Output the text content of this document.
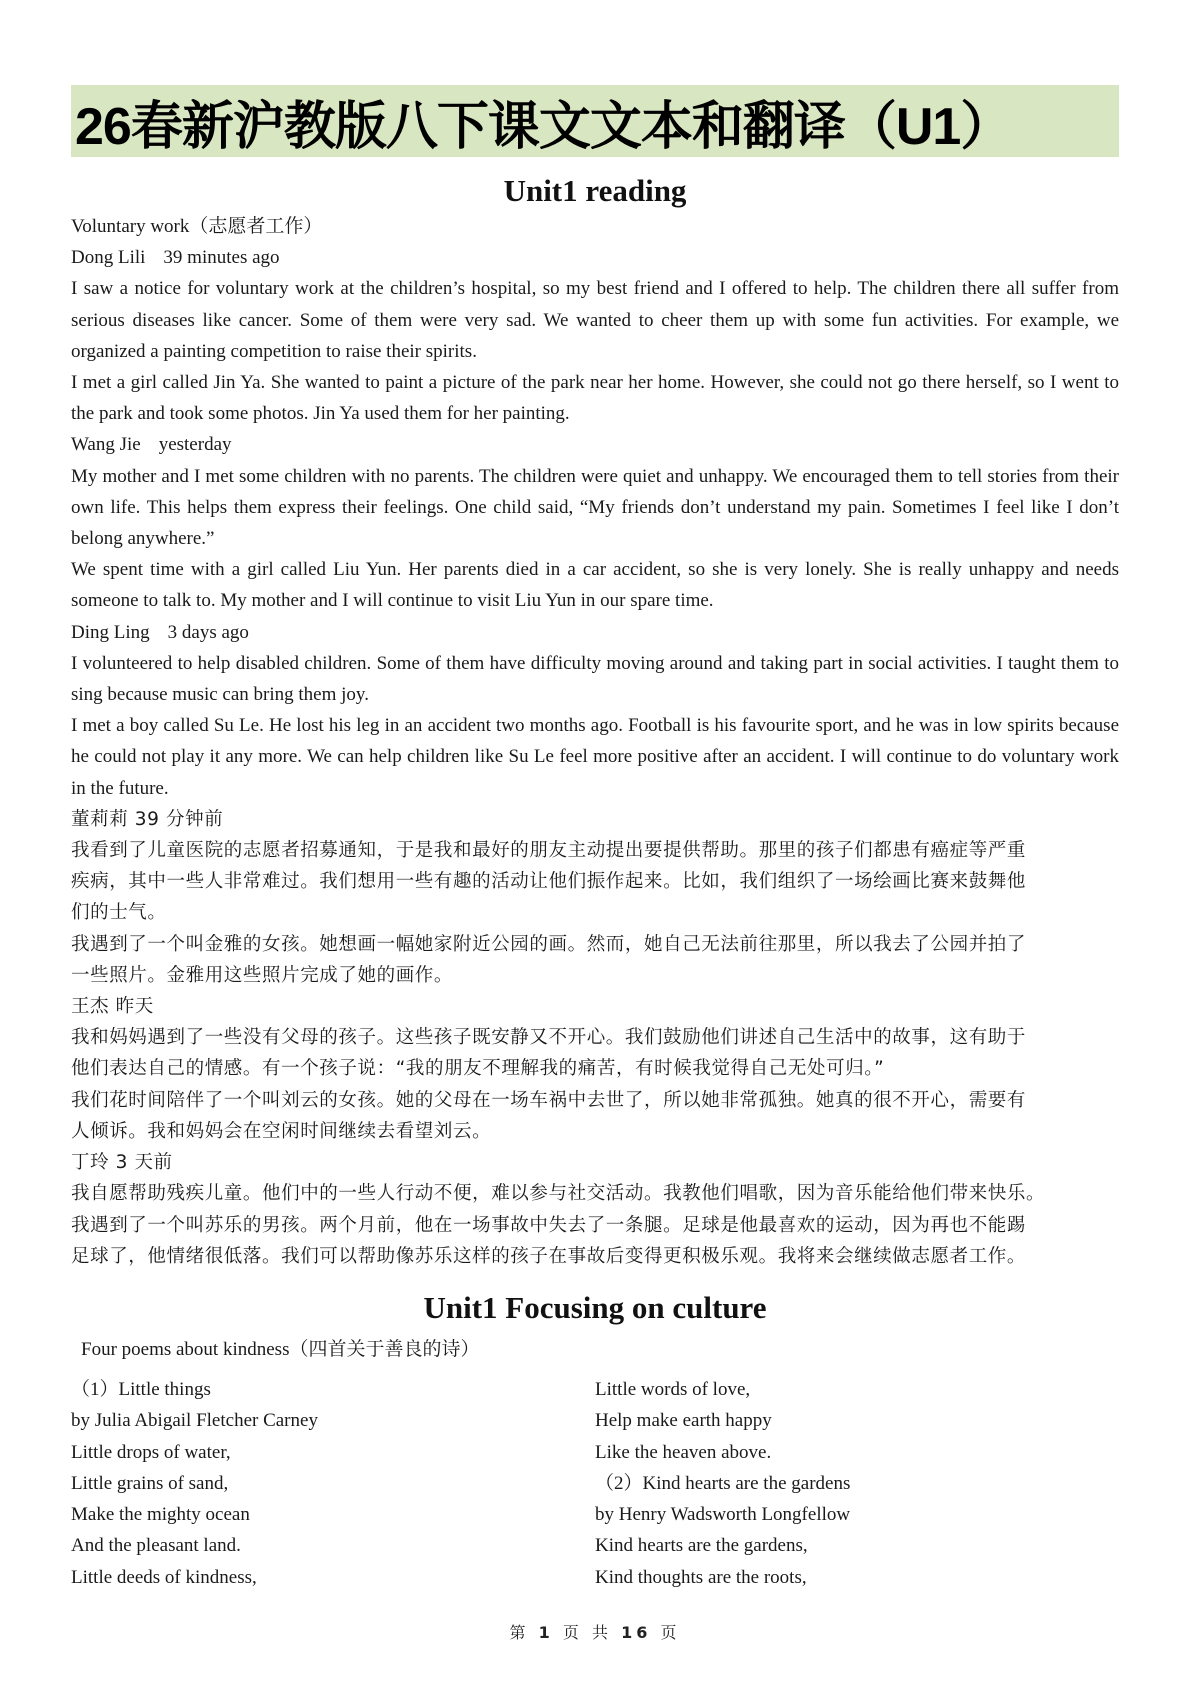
26春新沪教版八下课文文本和翻译（U1）
Unit1 reading
Voluntary work（志愿者工作）
Dong Lili 39 minutes ago
I saw a notice for voluntary work at the children’s hospital, so my best friend and I offered to help. The children there all suffer from serious diseases like cancer. Some of them were very sad. We wanted to cheer them up with some fun activities. For example, we organized a painting competition to raise their spirits.
I met a girl called Jin Ya. She wanted to paint a picture of the park near her home. However, she could not go there herself, so I went to the park and took some photos. Jin Ya used them for her painting.
Wang Jie yesterday
My mother and I met some children with no parents. The children were quiet and unhappy. We encouraged them to tell stories from their own life. This helps them express their feelings. One child said, “My friends don’t understand my pain. Sometimes I feel like I don’t belong anywhere.”
We spent time with a girl called Liu Yun. Her parents died in a car accident, so she is very lonely. She is really unhappy and needs someone to talk to. My mother and I will continue to visit Liu Yun in our spare time.
Ding Ling 3 days ago
I volunteered to help disabled children. Some of them have difficulty moving around and taking part in social activities. I taught them to sing because music can bring them joy.
I met a boy called Su Le. He lost his leg in an accident two months ago. Football is his favourite sport, and he was in low spirits because he could not play it any more. We can help children like Su Le feel more positive after an accident. I will continue to do voluntary work in the future.
董莉莉 39 分钟前
我看到了儿童医院的志愿者招募通知，于是我和最好的朋友主动提出要提供帮助。那里的孩子们都患有癌症等严重
疾病，其中一些人非常难过。我们想用一些有趣的活动让他们振作起来。比如，我们组织了一场绘画比赛来鼓舞他
们的士气。
我遇到了一个叫金雅的女孩。她想画一幅她家附近公园的画。然而，她自己无法前往那里，所以我去了公园并拍了
一些照片。金雅用这些照片完成了她的画作。
王杰 昨天
我和妈妈遇到了一些没有父母的孩子。这些孩子既安静又不开心。我们鼓励他们讲述自己生活中的故事，这有助于
他们表达自己的情感。有一个孩子说：“我的朋友不理解我的痛苦，有时候我觉得自己无处可归。”
我们花时间陪伴了一个叫刘云的女孩。她的父母在一场车祸中去世了，所以她非常孤独。她真的很不开心，需要有
人倾诉。我和妈妈会在空闲时间继续去看望刘云。
丁玲 3 天前
我自愿帮助残疾儿童。他们中的一些人行动不便，难以参与社交活动。我教他们唱歌，因为音乐能给他们带来快乐。
我遇到了一个叫苏乐的男孩。两个月前，他在一场事故中失去了一条腿。足球是他最喜欢的运动，因为再也不能踢
足球了，他情绪很低落。我们可以帮助像苏乐这样的孩子在事故后变得更积极乐观。我将来会继续做志愿者工作。
Unit1 Focusing on culture
Four poems about kindness（四首关于善良的诗）
（1）Little things
by Julia Abigail Fletcher Carney
Little drops of water,
Little grains of sand,
Make the mighty ocean
And the pleasant land.
Little deeds of kindness,
Little words of love,
Help make earth happy
Like the heaven above.
（2）Kind hearts are the gardens
by Henry Wadsworth Longfellow
Kind hearts are the gardens,
Kind thoughts are the roots,
第 1 页 共 16 页
